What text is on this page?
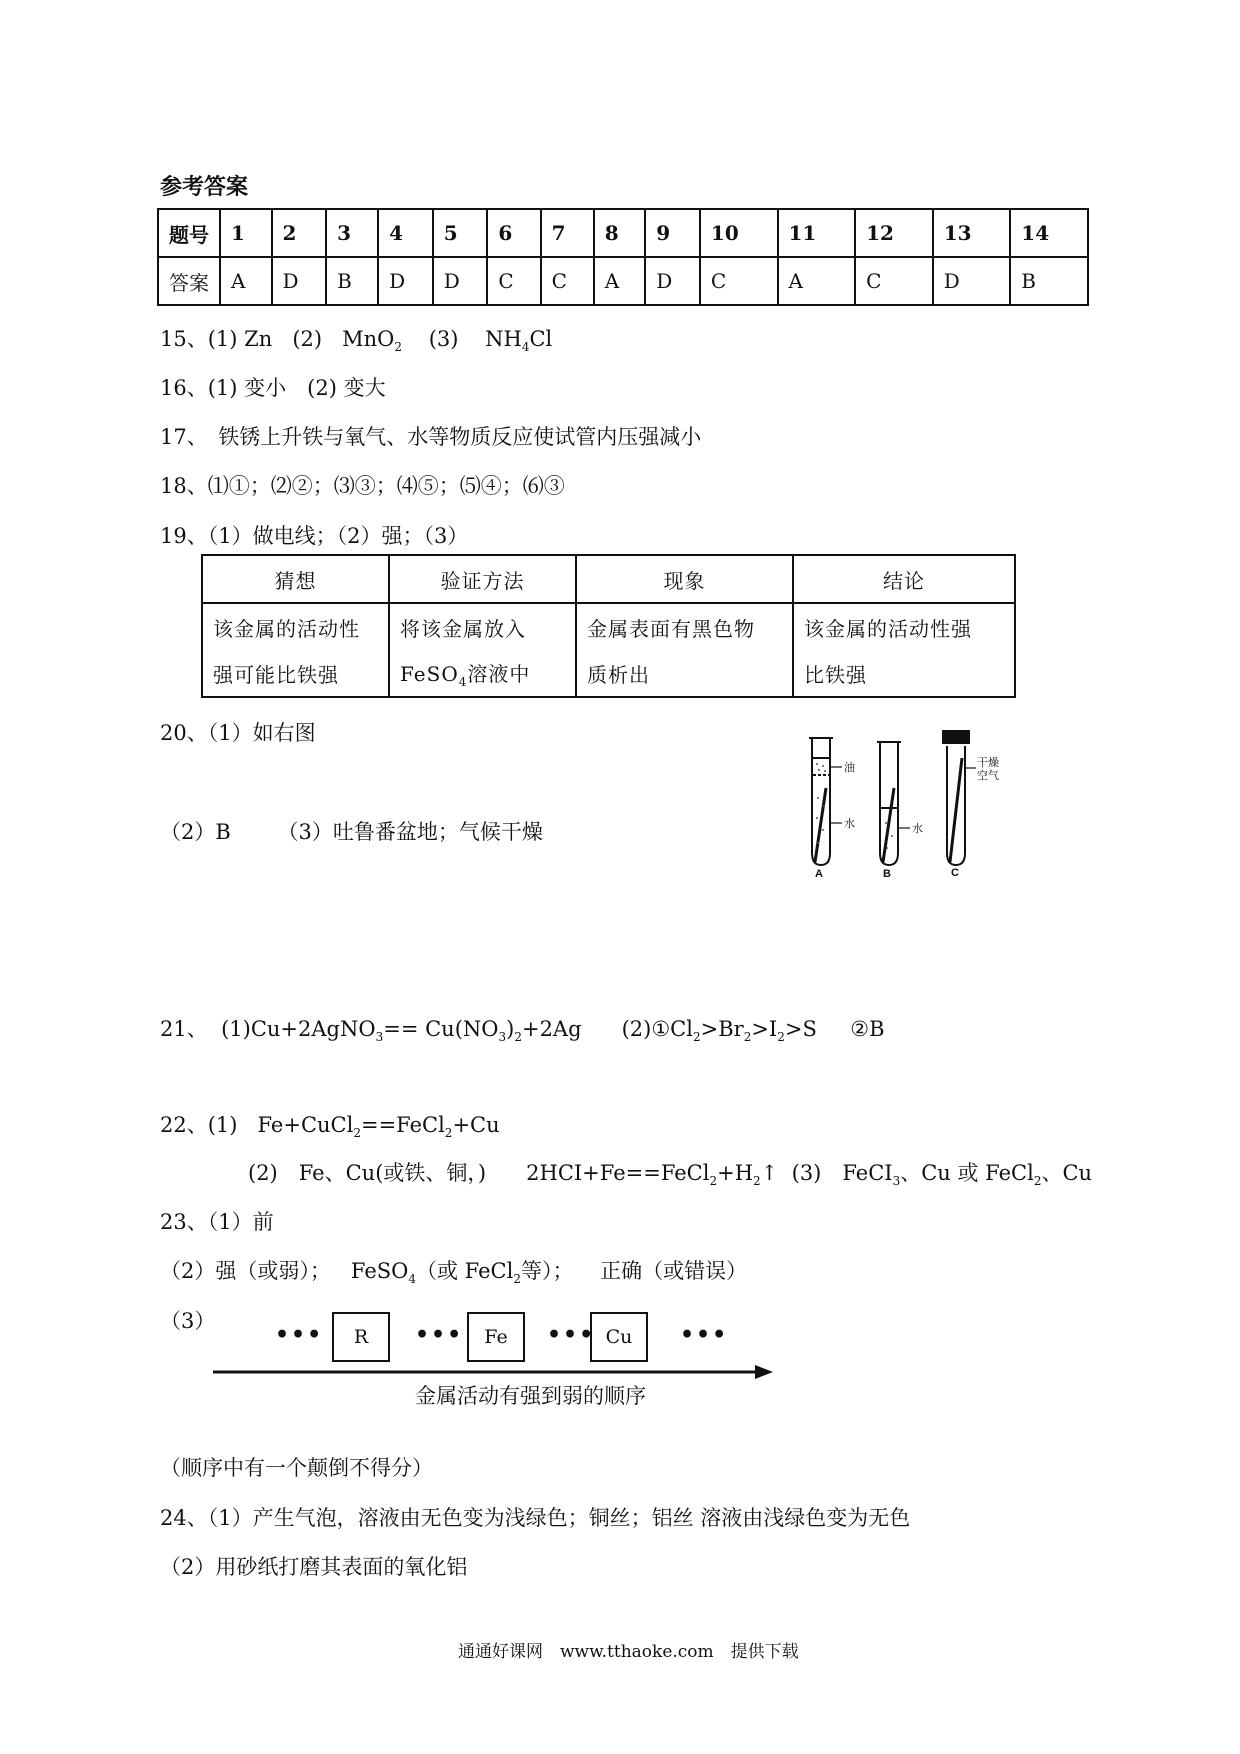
参考答案
题号	1	2	3	4	5	6	7	8	9	10	11	12	13	14
答案	A	D	B	D	D	C	C	A	D	C	A	C	D	B
15、(1) Zn (2) MnO$_2$ (3) $NH_4Cl$
16、(1) 变小　(2) 变大
17、　铁锈上升铁与氧气、水等物质反应使试管内压强减小
18、⑴①；⑵②；⑶③；⑷⑤；⑸④；⑹③
19、（1）做电线；（2）强；（3）
猜想	验证方法	现象	结论
该金属的活动性	将该金属放入	金属表面有黑色物	该金属的活动性强
强可能比铁强	FeSO$_4$溶液中	质析出	比铁强
20、（1）如右图
（2）B （3）吐鲁番盆地；气候干燥
油
水	水
干燥
空气
A	B	C
21、 (1)Cu+2AgNO$_3$== $Cu(NO_3)_2+2Ag$ $(2)①Cl_2>Br_2>I_2>S$ ②B
22、(1) Fe+CuCl$_2$==FeCl$_2$+Cu
(2)　Fe、Cu(或铁、铜，) $2HCI+Fe==FeCl_2+H_2↑$ (3)　FeCI$_3$、Cu 或 FeCl$_2$、Cu
23、（1）前
（2）强（或弱）； FeSO$_4$（或 FeCl$_2$等）； 正确（或错误）
（3）
•••	R	•••	Fe	••• Cu	•••
金属活动有强到弱的顺序
（顺序中有一个颠倒不得分）
24、（1）产生气泡，溶液由无色变为浅绿色；铜丝；铝丝 溶液由浅绿色变为无色
（2）用砂纸打磨其表面的氧化铝
通通好课网　www.tthaoke.com　提供下载
